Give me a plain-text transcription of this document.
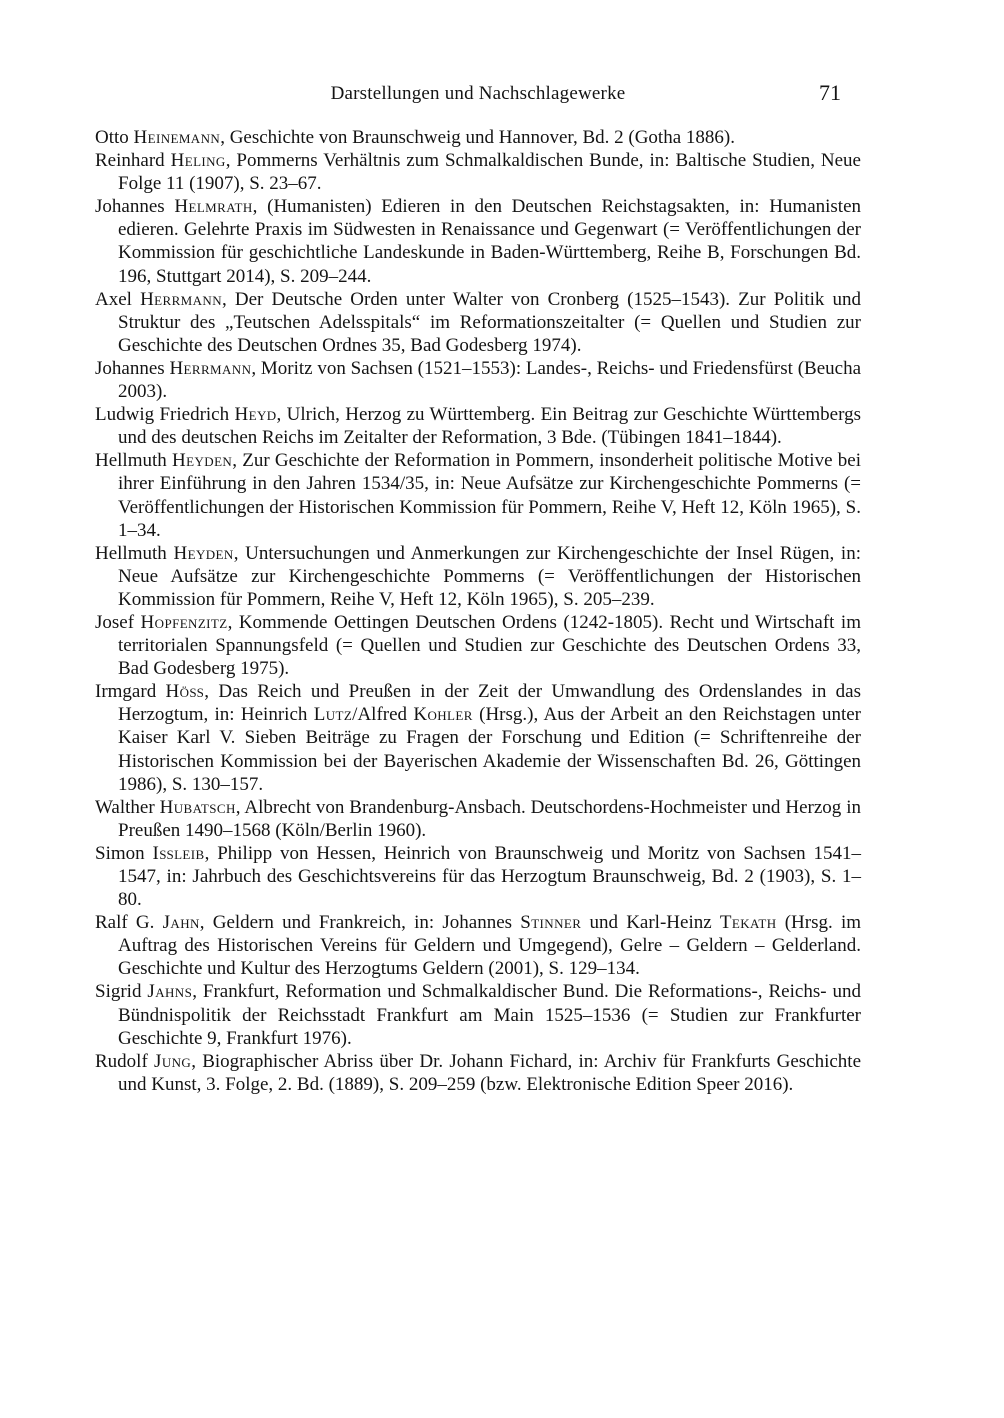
Darstellungen und Nachschlagewerke	71

Otto Heinemann, Geschichte von Braunschweig und Hannover, Bd. 2 (Gotha 1886).

Reinhard Heling, Pommerns Verhältnis zum Schmalkaldischen Bunde, in: Baltische Studien, Neue Folge 11 (1907), S. 23–67.

Johannes Helmrath, (Humanisten) Edieren in den Deutschen Reichstagsakten, in: Humanisten edieren. Gelehrte Praxis im Südwesten in Renaissance und Gegenwart (= Veröffentlichungen der Kommission für geschichtliche Landeskunde in Baden-Württemberg, Reihe B, Forschungen Bd. 196, Stuttgart 2014), S. 209–244.

Axel Herrmann, Der Deutsche Orden unter Walter von Cronberg (1525–1543). Zur Politik und Struktur des „Teutschen Adelsspitals“ im Reformationszeitalter (= Quellen und Studien zur Geschichte des Deutschen Ordnes 35, Bad Godesberg 1974).

Johannes Herrmann, Moritz von Sachsen (1521–1553): Landes-, Reichs- und Friedensfürst (Beucha 2003).

Ludwig Friedrich Heyd, Ulrich, Herzog zu Württemberg. Ein Beitrag zur Geschichte Württembergs und des deutschen Reichs im Zeitalter der Reformation, 3 Bde. (Tübingen 1841–1844).

Hellmuth Heyden, Zur Geschichte der Reformation in Pommern, insonderheit politische Motive bei ihrer Einführung in den Jahren 1534/35, in: Neue Aufsätze zur Kirchengeschichte Pommerns (= Veröffentlichungen der Historischen Kommission für Pommern, Reihe V, Heft 12, Köln 1965), S. 1–34.

Hellmuth Heyden, Untersuchungen und Anmerkungen zur Kirchengeschichte der Insel Rügen, in: Neue Aufsätze zur Kirchengeschichte Pommerns (= Veröffentlichungen der Historischen Kommission für Pommern, Reihe V, Heft 12, Köln 1965), S. 205–239.

Josef Hopfenzitz, Kommende Oettingen Deutschen Ordens (1242-1805). Recht und Wirtschaft im territorialen Spannungsfeld (= Quellen und Studien zur Geschichte des Deutschen Ordens 33, Bad Godesberg 1975).

Irmgard Höß, Das Reich und Preußen in der Zeit der Umwandlung des Ordenslandes in das Herzogtum, in: Heinrich Lutz/Alfred Kohler (Hrsg.), Aus der Arbeit an den Reichstagen unter Kaiser Karl V. Sieben Beiträge zu Fragen der Forschung und Edition (= Schriftenreihe der Historischen Kommission bei der Bayerischen Akademie der Wissenschaften Bd. 26, Göttingen 1986), S. 130–157.

Walther Hubatsch, Albrecht von Brandenburg-Ansbach. Deutschordens-Hochmeister und Herzog in Preußen 1490–1568 (Köln/Berlin 1960).

Simon Ißleib, Philipp von Hessen, Heinrich von Braunschweig und Moritz von Sachsen 1541–1547, in: Jahrbuch des Geschichtsvereins für das Herzogtum Braunschweig, Bd. 2 (1903), S. 1–80.

Ralf G. Jahn, Geldern und Frankreich, in: Johannes Stinner und Karl-Heinz Tekath (Hrsg. im Auftrag des Historischen Vereins für Geldern und Umgegend), Gelre – Geldern – Gelderland. Geschichte und Kultur des Herzogtums Geldern (2001), S. 129–134.

Sigrid Jahns, Frankfurt, Reformation und Schmalkaldischer Bund. Die Reformations-, Reichs- und Bündnispolitik der Reichsstadt Frankfurt am Main 1525–1536 (= Studien zur Frankfurter Geschichte 9, Frankfurt 1976).

Rudolf Jung, Biographischer Abriss über Dr. Johann Fichard, in: Archiv für Frankfurts Geschichte und Kunst, 3. Folge, 2. Bd. (1889), S. 209–259 (bzw. Elektronische Edition Speer 2016).
